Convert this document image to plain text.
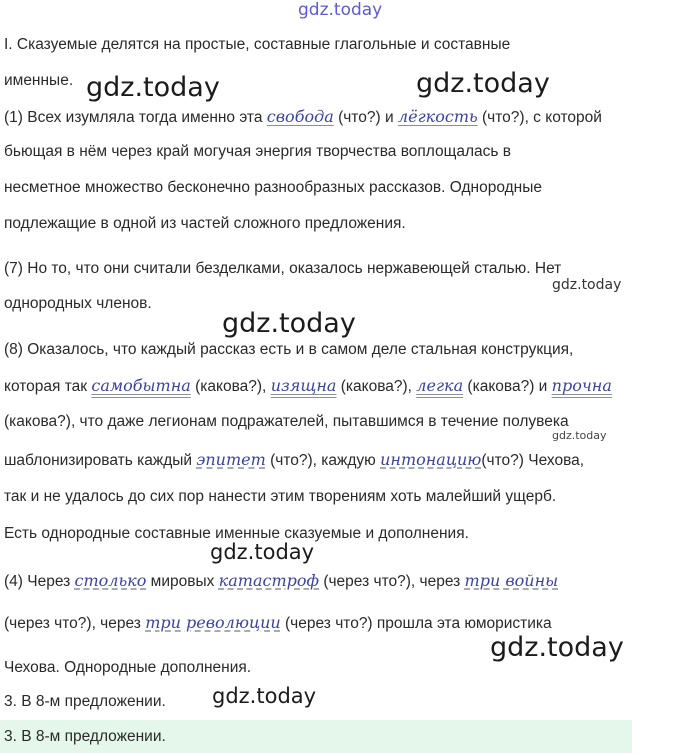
gdz.today
gdz.today	gdz.today
gdz.today
gdz.today
gdz.today
gdz.today
gdz.today
gdz.today
I. Сказуемые делятся на простые, составные глагольные и составные
именные.
(1) Всех изумляла тогда именно эта свобода (что?) и лёгкость (что?), с которой
бьющая в нём через край могучая энергия творчества воплощалась в
несметное множество бесконечно разнообразных рассказов. Однородные
подлежащие в одной из частей сложного предложения.
(7) Но то, что они считали безделками, оказалось нержавеющей сталью. Нет
однородных членов.
(8) Оказалось, что каждый рассказ есть и в самом деле стальная конструкция,
которая так самобытна (какова?), изящна (какова?), легка (какова?) и прочна
(какова?), что даже легионам подражателей, пытавшимся в течение полувека
шаблонизировать каждый эпитет (что?), каждую интонацию(что?) Чехова,
так и не удалось до сих пор нанести этим творениям хоть малейший ущерб.
Есть однородные составные именные сказуемые и дополнения.
(4) Через столько мировых катастроф (через что?), через три войны
(через что?), через три революции (через что?) прошла эта юмористика
Чехова. Однородные дополнения.
3. В 8-м предложении.
3. В 8-м предложении.
